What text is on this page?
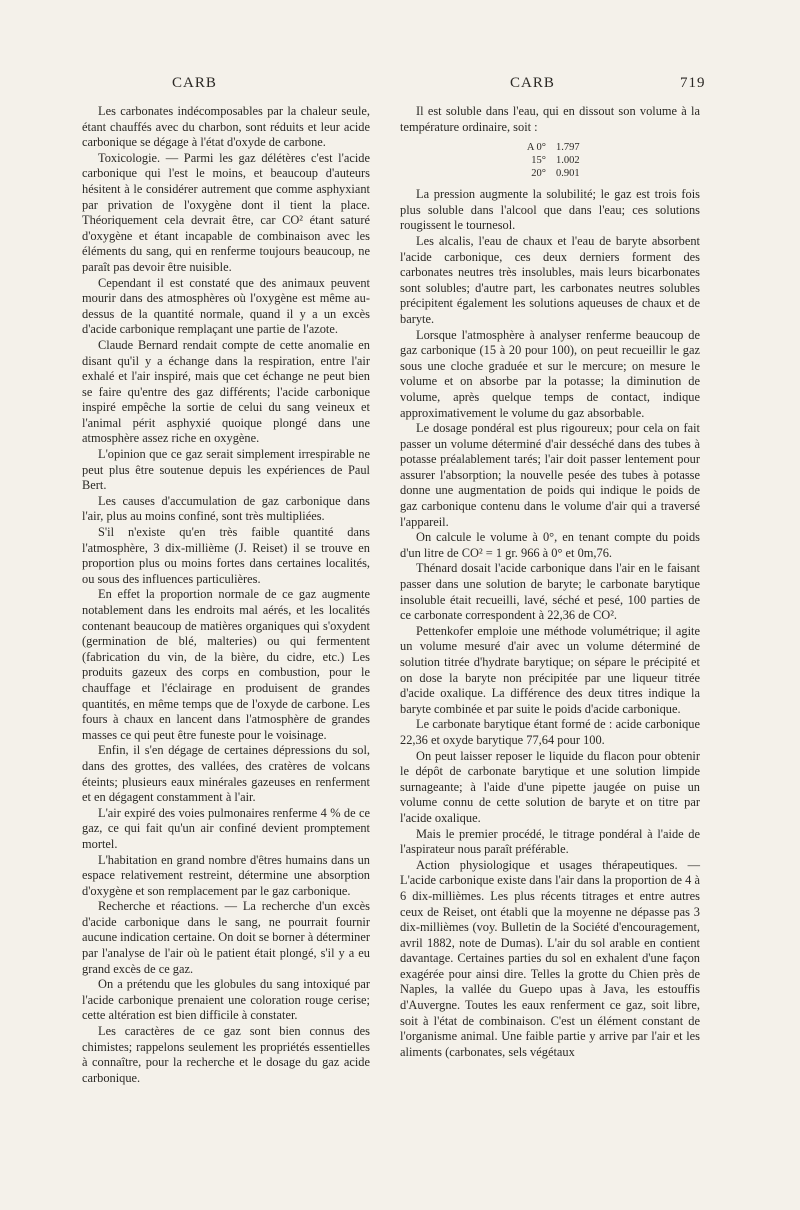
CARB	CARB	719

Les carbonates indécomposables par la chaleur seule, étant chauffés avec du charbon, sont réduits et leur acide carbonique se dégage à l'état d'oxyde de carbone.

Toxicologie. — Parmi les gaz délétères c'est l'acide carbonique qui l'est le moins, et beaucoup d'auteurs hésitent à le considérer autrement que comme asphyxiant par privation de l'oxygène dont il tient la place. Théoriquement cela devrait être, car CO² étant saturé d'oxygène et étant incapable de combinaison avec les éléments du sang, qui en renferme toujours beaucoup, ne paraît pas devoir être nuisible.

Cependant il est constaté que des animaux peuvent mourir dans des atmosphères où l'oxygène est même au-dessus de la quantité normale, quand il y a un excès d'acide carbonique remplaçant une partie de l'azote.

Claude Bernard rendait compte de cette anomalie en disant qu'il y a échange dans la respiration, entre l'air exhalé et l'air inspiré, mais que cet échange ne peut bien se faire qu'entre des gaz différents; l'acide carbonique inspiré empêche la sortie de celui du sang veineux et l'animal périt asphyxié quoique plongé dans une atmosphère assez riche en oxygène.

L'opinion que ce gaz serait simplement irrespirable ne peut plus être soutenue depuis les expériences de Paul Bert.

Les causes d'accumulation de gaz carbonique dans l'air, plus au moins confiné, sont très multipliées.

S'il n'existe qu'en très faible quantité dans l'atmosphère, 3 dix-millième (J. Reiset) il se trouve en proportion plus ou moins fortes dans certaines localités, ou sous des influences particulières.

En effet la proportion normale de ce gaz augmente notablement dans les endroits mal aérés, et les localités contenant beaucoup de matières organiques qui s'oxydent (germination de blé, malteries) ou qui fermentent (fabrication du vin, de la bière, du cidre, etc.) Les produits gazeux des corps en combustion, pour le chauffage et l'éclairage en produisent de grandes quantités, en même temps que de l'oxyde de carbone. Les fours à chaux en lancent dans l'atmosphère de grandes masses ce qui peut être funeste pour le voisinage.

Enfin, il s'en dégage de certaines dépressions du sol, dans des grottes, des vallées, des cratères de volcans éteints; plusieurs eaux minérales gazeuses en renferment et en dégagent constamment à l'air.

L'air expiré des voies pulmonaires renferme 4 % de ce gaz, ce qui fait qu'un air confiné devient promptement mortel.

L'habitation en grand nombre d'êtres humains dans un espace relativement restreint, détermine une absorption d'oxygène et son remplacement par le gaz carbonique.

Recherche et réactions. — La recherche d'un excès d'acide carbonique dans le sang, ne pourrait fournir aucune indication certaine. On doit se borner à déterminer par l'analyse de l'air où le patient était plongé, s'il y a eu grand excès de ce gaz.

On a prétendu que les globules du sang intoxiqué par l'acide carbonique prenaient une coloration rouge cerise; cette altération est bien difficile à constater.

Les caractères de ce gaz sont bien connus des chimistes; rappelons seulement les propriétés essentielles à connaître, pour la recherche et le dosage du gaz acide carbonique.

Il est soluble dans l'eau, qui en dissout son volume à la température ordinaire, soit :

A 0° 1.797
15° 1.002
20° 0.901

La pression augmente la solubilité; le gaz est trois fois plus soluble dans l'alcool que dans l'eau; ces solutions rougissent le tournesol.

Les alcalis, l'eau de chaux et l'eau de baryte absorbent l'acide carbonique, ces deux derniers forment des carbonates neutres très insolubles, mais leurs bicarbonates sont solubles; d'autre part, les carbonates neutres solubles précipitent également les solutions aqueuses de chaux et de baryte.

Lorsque l'atmosphère à analyser renferme beaucoup de gaz carbonique (15 à 20 pour 100), on peut recueillir le gaz sous une cloche graduée et sur le mercure; on mesure le volume et on absorbe par la potasse; la diminution de volume, après quelque temps de contact, indique approximativement le volume du gaz absorbable.

Le dosage pondéral est plus rigoureux; pour cela on fait passer un volume déterminé d'air desséché dans des tubes à potasse préalablement tarés; l'air doit passer lentement pour assurer l'absorption; la nouvelle pesée des tubes à potasse donne une augmentation de poids qui indique le poids de gaz carbonique contenu dans le volume d'air qui a traversé l'appareil.

On calcule le volume à 0°, en tenant compte du poids d'un litre de CO² = 1 gr. 966 à 0° et 0m,76.

Thénard dosait l'acide carbonique dans l'air en le faisant passer dans une solution de baryte; le carbonate barytique insoluble était recueilli, lavé, séché et pesé, 100 parties de ce carbonate correspondent à 22,36 de CO².

Pettenkofer emploie une méthode volumétrique; il agite un volume mesuré d'air avec un volume déterminé de solution titrée d'hydrate barytique; on sépare le précipité et on dose la baryte non précipitée par une liqueur titrée d'acide oxalique. La différence des deux titres indique la baryte combinée et par suite le poids d'acide carbonique.

Le carbonate barytique étant formé de : acide carbonique 22,36 et oxyde barytique 77,64 pour 100.

On peut laisser reposer le liquide du flacon pour obtenir le dépôt de carbonate barytique et une solution limpide surnageante; à l'aide d'une pipette jaugée on puise un volume connu de cette solution de baryte et on titre par l'acide oxalique.

Mais le premier procédé, le titrage pondéral à l'aide de l'aspirateur nous paraît préférable.

Action physiologique et usages thérapeutiques. — L'acide carbonique existe dans l'air dans la proportion de 4 à 6 dix-millièmes. Les plus récents titrages et entre autres ceux de Reiset, ont établi que la moyenne ne dépasse pas 3 dix-millièmes (voy. Bulletin de la Société d'encouragement, avril 1882, note de Dumas). L'air du sol arable en contient davantage. Certaines parties du sol en exhalent d'une façon exagérée pour ainsi dire. Telles la grotte du Chien près de Naples, la vallée du Guepo upas à Java, les estouffis d'Auvergne. Toutes les eaux renferment ce gaz, soit libre, soit à l'état de combinaison. C'est un élément constant de l'organisme animal. Une faible partie y arrive par l'air et les aliments (carbonates, sels végétaux
